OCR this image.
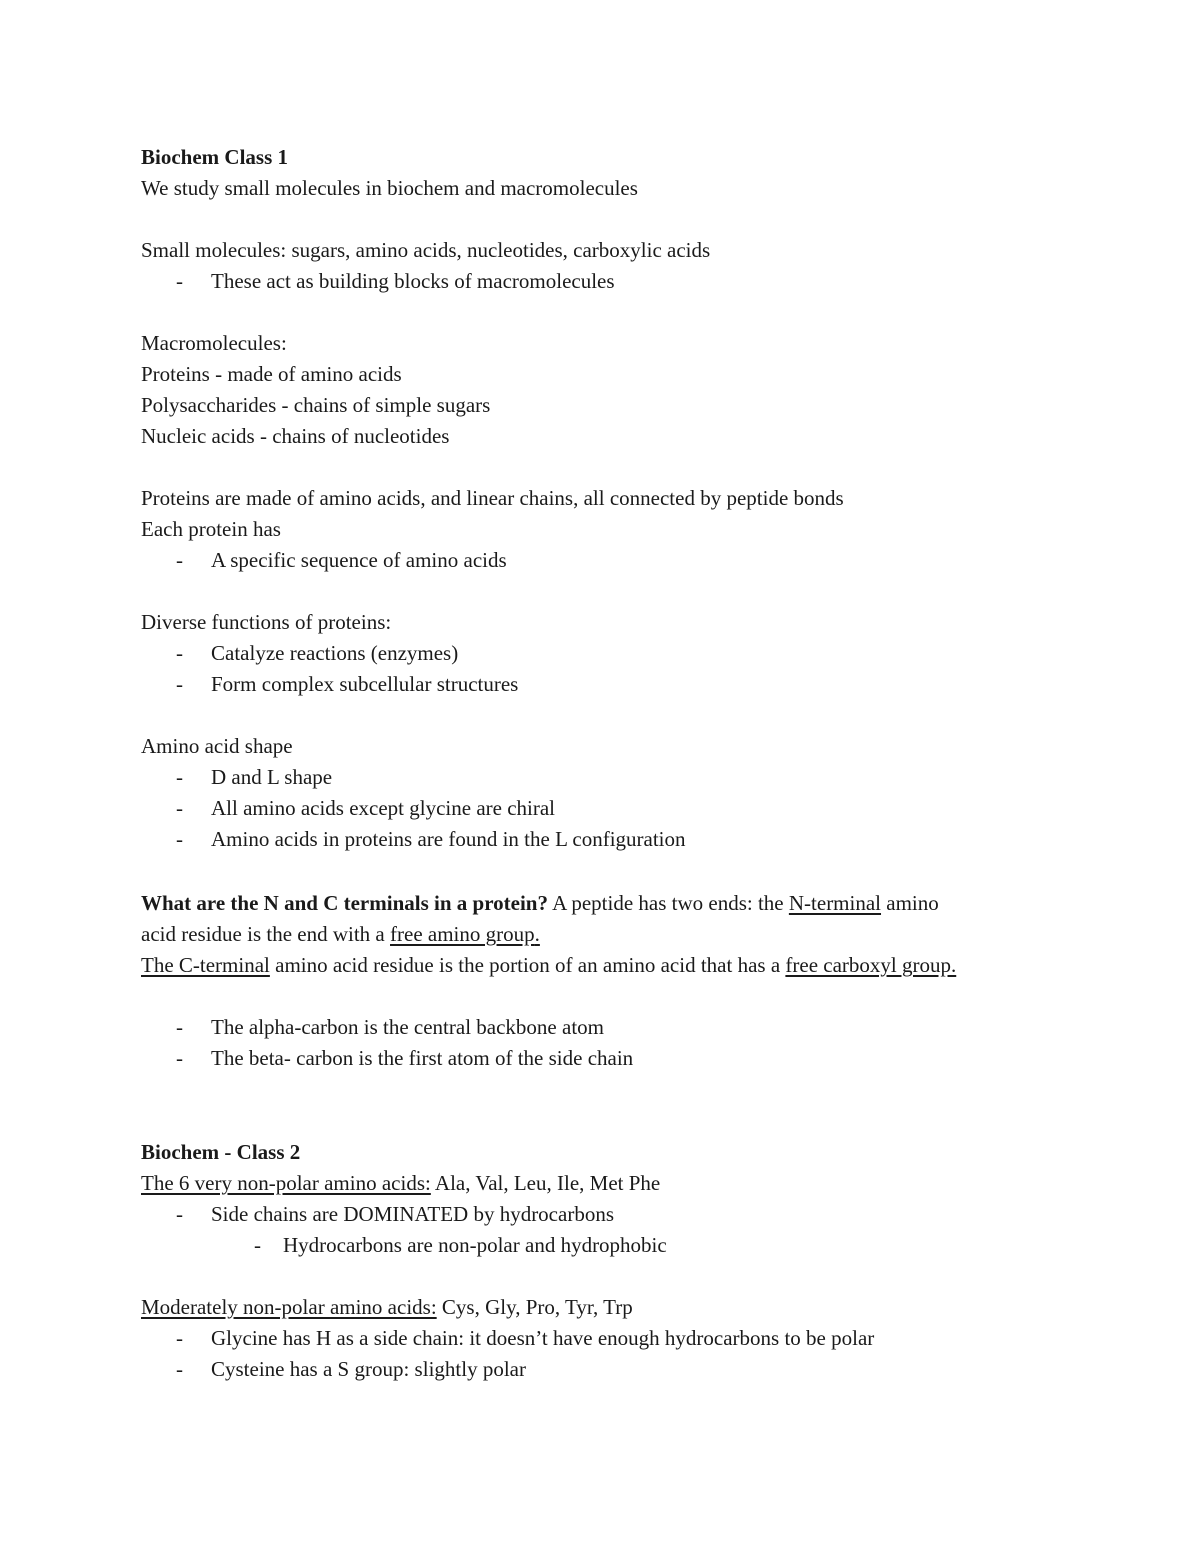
Biochem Class 1
We study small molecules in biochem and macromolecules
Small molecules: sugars, amino acids, nucleotides, carboxylic acids
- These act as building blocks of macromolecules
Macromolecules:
Proteins - made of amino acids
Polysaccharides - chains of simple sugars
Nucleic acids - chains of nucleotides
Proteins are made of amino acids, and linear chains, all connected by peptide bonds
Each protein has
- A specific sequence of amino acids
Diverse functions of proteins:
- Catalyze reactions (enzymes)
- Form complex subcellular structures
Amino acid shape
- D and L shape
- All amino acids except glycine are chiral
- Amino acids in proteins are found in the L configuration
What are the N and C terminals in a protein? A peptide has two ends: the N-terminal amino
acid residue is the end with a free amino group.
The C-terminal amino acid residue is the portion of an amino acid that has a free carboxyl group.
- The alpha-carbon is the central backbone atom
- The beta- carbon is the first atom of the side chain
Biochem - Class 2
The 6 very non-polar amino acids: Ala, Val, Leu, Ile, Met Phe
- Side chains are DOMINATED by hydrocarbons
- Hydrocarbons are non-polar and hydrophobic
Moderately non-polar amino acids: Cys, Gly, Pro, Tyr, Trp
- Glycine has H as a side chain: it doesn’t have enough hydrocarbons to be polar
- Cysteine has a S group: slightly polar
